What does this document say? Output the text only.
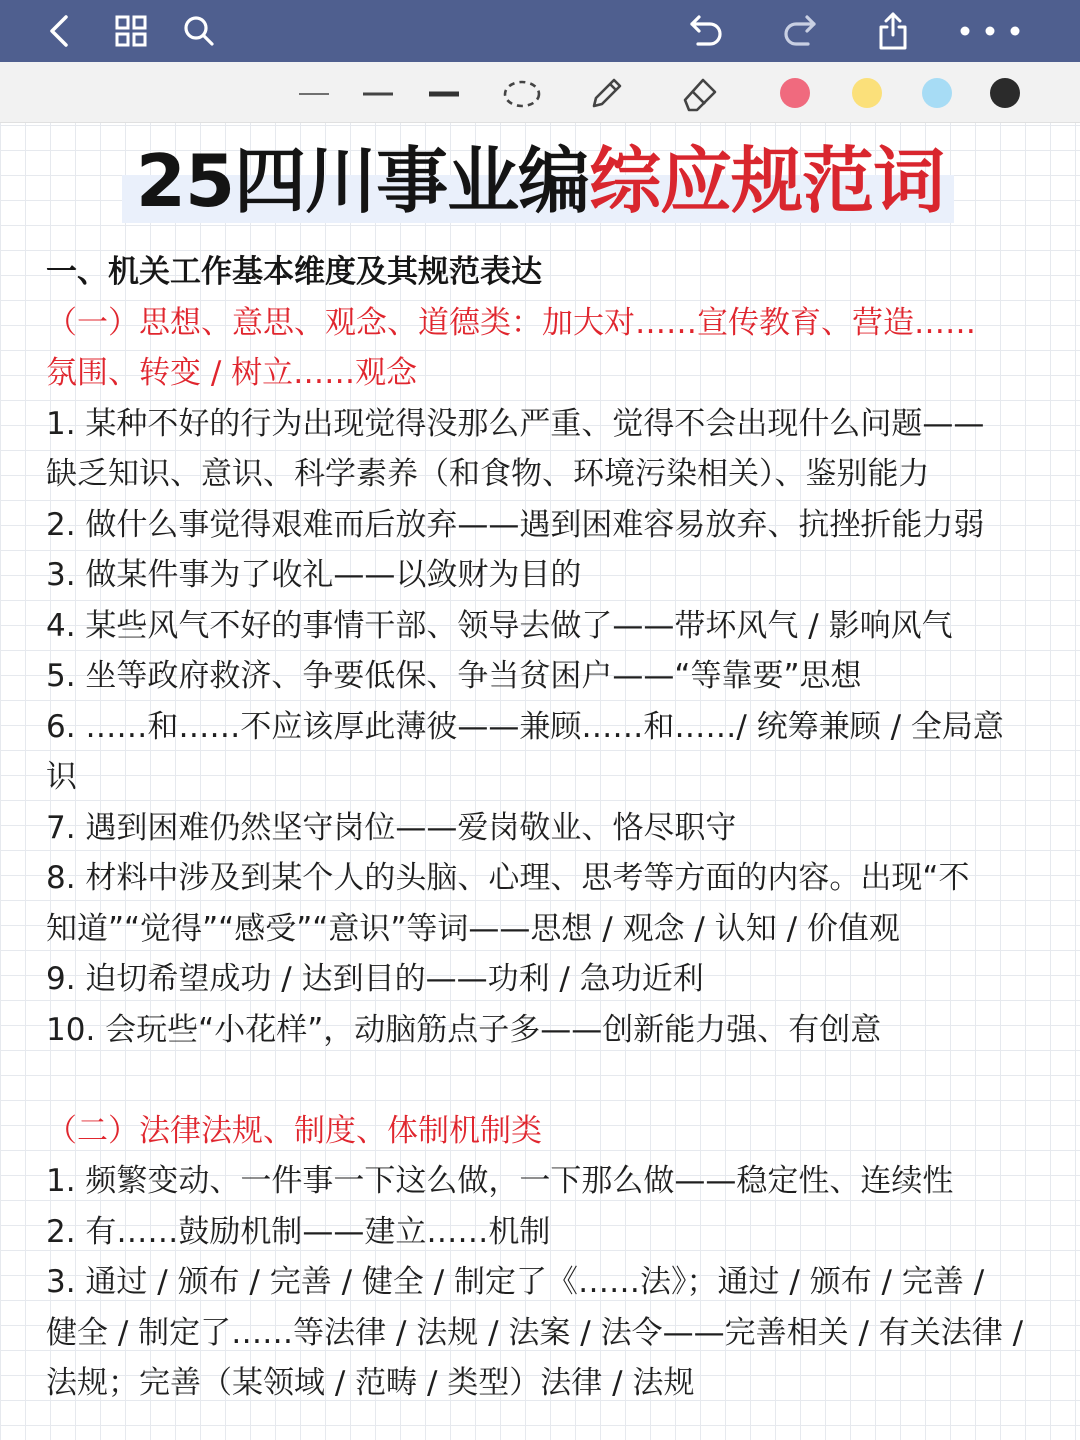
25四川事业编综应规范词

一、机关工作基本维度及其规范表达

（一）思想、意思、观念、道德类：加大对……宣传教育、营造……

氛围、转变 / 树立……观念

1. 某种不好的行为出现觉得没那么严重、觉得不会出现什么问题——

缺乏知识、意识、科学素养（和食物、环境污染相关）、鉴别能力

2. 做什么事觉得艰难而后放弃——遇到困难容易放弃、抗挫折能力弱

3. 做某件事为了收礼——以敛财为目的

4. 某些风气不好的事情干部、领导去做了——带坏风气 / 影响风气

5. 坐等政府救济、争要低保、争当贫困户——“等靠要”思想

6. ……和……不应该厚此薄彼——兼顾……和……/ 统筹兼顾 / 全局意

识

7. 遇到困难仍然坚守岗位——爱岗敬业、恪尽职守

8. 材料中涉及到某个人的头脑、心理、思考等方面的内容。出现“不

知道”“觉得”“感受”“意识”等词——思想 / 观念 / 认知 / 价值观

9. 迫切希望成功 / 达到目的——功利 / 急功近利

10. 会玩些“小花样”，动脑筋点子多——创新能力强、有创意

（二）法律法规、制度、体制机制类

1. 频繁变动、一件事一下这么做，一下那么做——稳定性、连续性

2. 有……鼓励机制——建立……机制

3. 通过 / 颁布 / 完善 / 健全 / 制定了《……法》；通过 / 颁布 / 完善 /

健全 / 制定了……等法律 / 法规 / 法案 / 法令——完善相关 / 有关法律 /

法规；完善（某领域 / 范畴 / 类型）法律 / 法规
